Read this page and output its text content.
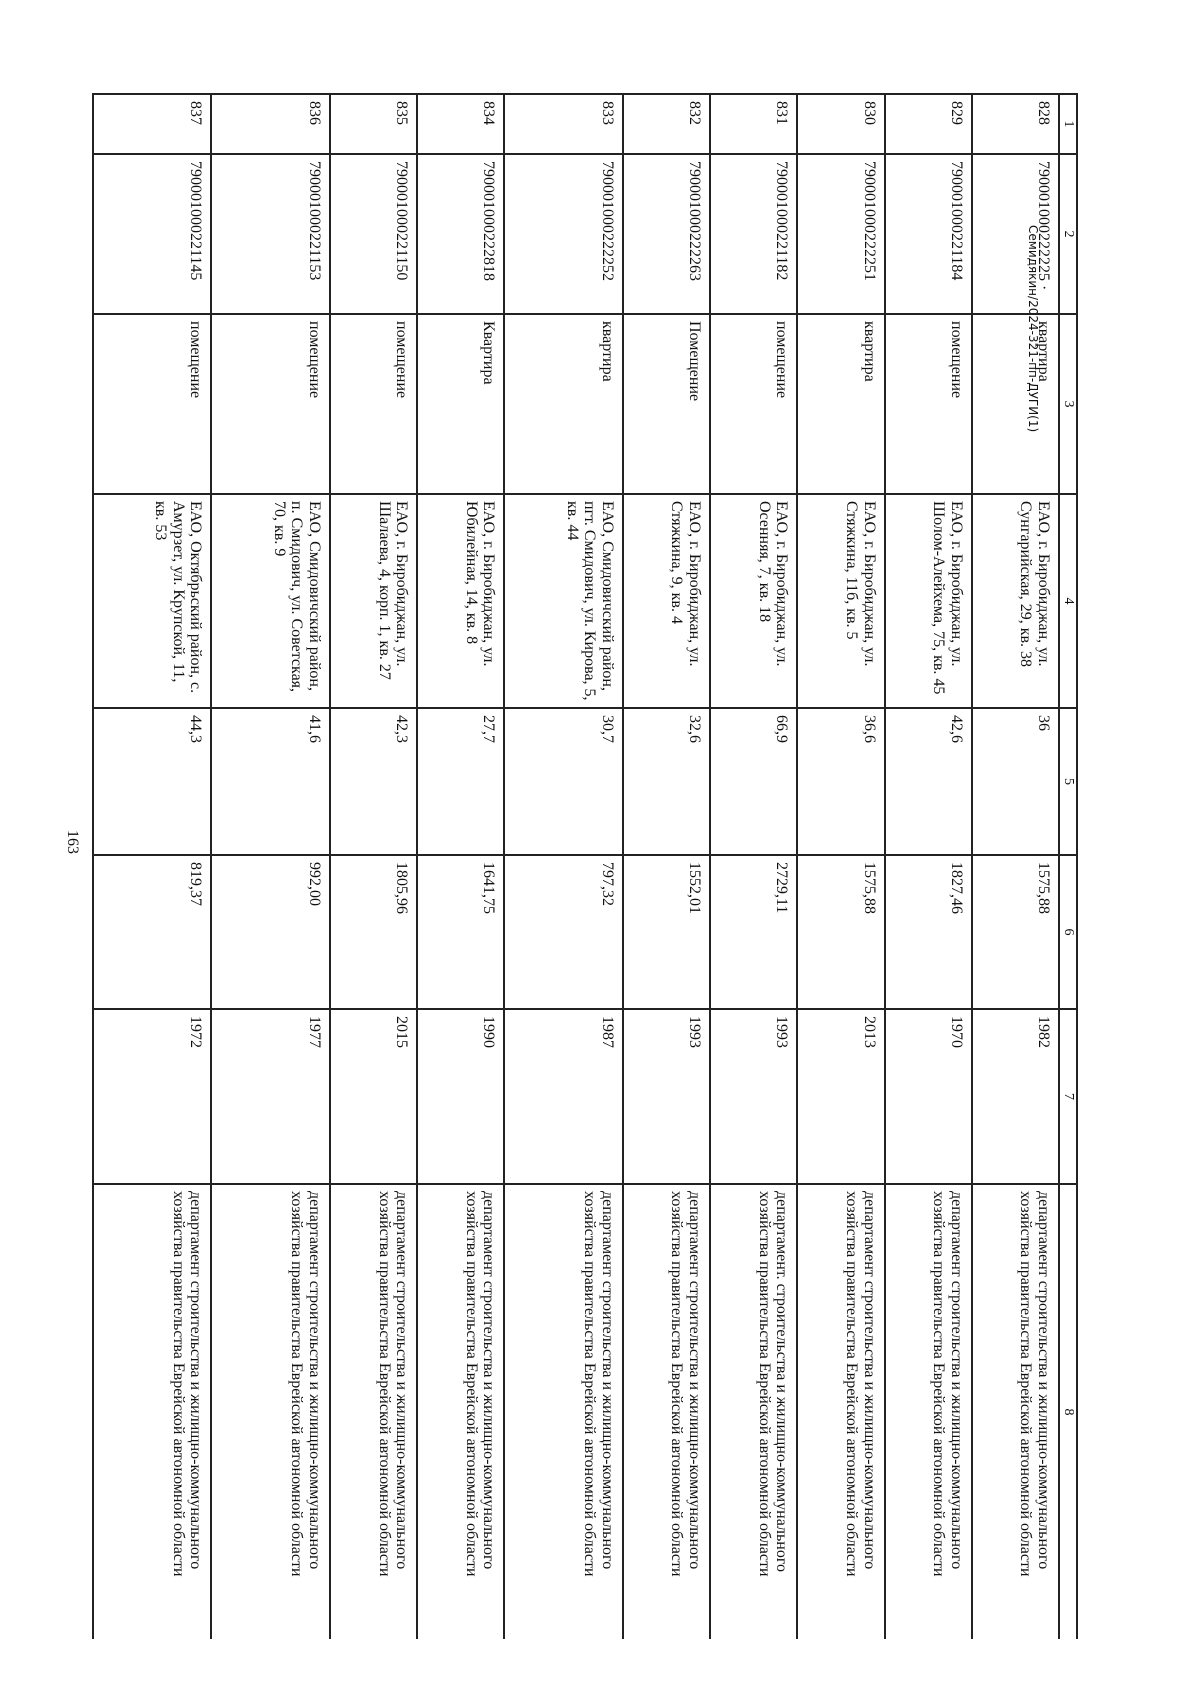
163
Семидякин/2024-321-пп-ДУГИ(1)
1	2	3	4	5	6	7	8
828	790001000222225 ·	квартира	ЕАО, г. Биробиджан, ул. Сунгарийская, 29, кв. 38	36	1575,88	1982	департамент строительства и жилищно-коммунального хозяйства правительства Еврейской автономной области
829	790001000221184	помещение	ЕАО, г. Биробиджан, ул. Шолом-Алейхема, 75, кв. 45	42,6	1827,46	1970	департамент строительства и жилищно-коммунального хозяйства правительства Еврейской автономной области
830	790001000222251	квартира	ЕАО, г. Биробиджан, ул. Стяжкина, 11б, кв. 5	36,6	1575,88	2013	департамент строительства и жилищно-коммунального хозяйства правительства Еврейской автономной области
831	790001000221182	помещение	ЕАО, г. Биробиджан, ул. Осенняя, 7, кв. 18	66,9	2729,11	1993	департамент. строительства и жилищно-коммунального хозяйства правительства Еврейской автономной области
832	790001000222263	Помещение	ЕАО, г. Биробиджан, ул. Стяжкина, 9, кв. 4	32,6	1552,01	1993	департамент строительства и жилищно-коммунального хозяйства правительства Еврейской автономной области
833	790001000222252	квартира	ЕАО, Смидовичский район, пгт. Смидович, ул. Кирова, 5, кв. 44	30,7	797,32	1987	департамент строительства и жилищно-коммунального хозяйства правительства Еврейской автономной области
834	790001000222818	Квартира	ЕАО, г. Биробиджан, ул. Юбилейная, 14, кв. 8	27,7	1641,75	1990	департамент строительства и жилищно-коммунального хозяйства правительства Еврейской автономной области
835	790001000221150	помещение	ЕАО, г. Биробиджан, ул. Шалаева, 4, корп. 1, кв. 27	42,3	1805,96	2015	департамент строительства и жилищно-коммунального хозяйства правительства Еврейской автономной области
836	790001000221153	помещение	ЕАО, Смидовичский район, п. Смидович, ул. Советская, 70, кв. 9	41,6	992,00	1977	департамент строительства и жилищно-коммунального хозяйства правительства Еврейской автономной области
837	790001000221145	помещение	ЕАО, Октябрьский район, с. Амурзет, ул. Крупской, 11, кв. 53	44,3	819,37	1972	департамент строительства и жилищно-коммунального хозяйства правительства Еврейской автономной области
